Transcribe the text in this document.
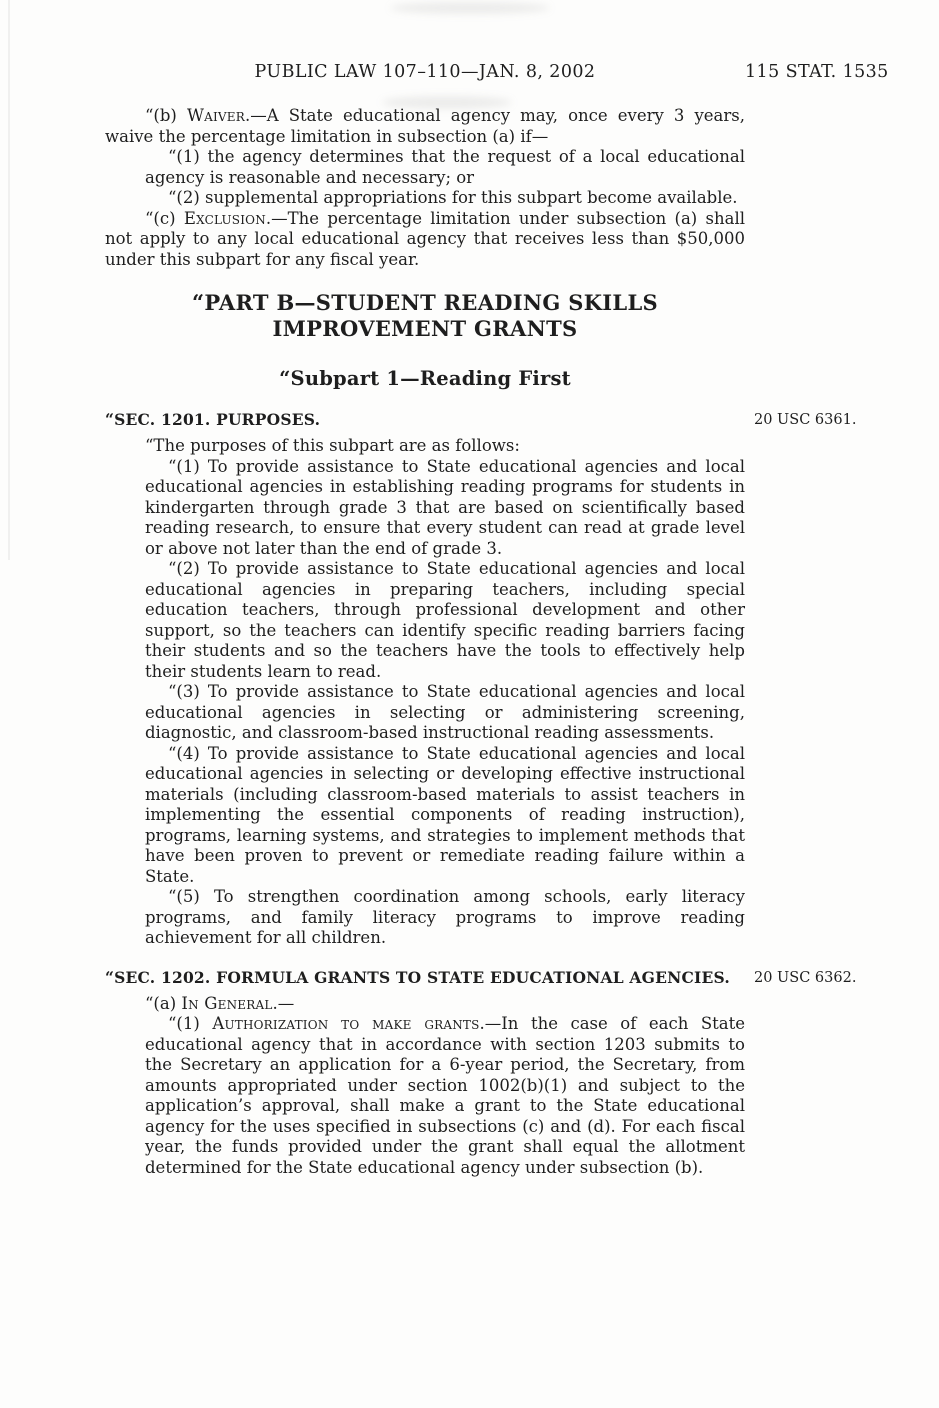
PUBLIC LAW 107–110—JAN. 8, 2002	115 STAT. 1535

“(b) Waiver.—A State educational agency may, once every 3 years, waive the percentage limitation in subsection (a) if—

“(1) the agency determines that the request of a local educational agency is reasonable and necessary; or

“(2) supplemental appropriations for this subpart become available.

“(c) Exclusion.—The percentage limitation under subsection (a) shall not apply to any local educational agency that receives less than $50,000 under this subpart for any fiscal year.

“PART B—STUDENT READING SKILLS
IMPROVEMENT GRANTS
“Subpart 1—Reading First
“SEC. 1201. PURPOSES.	20 USC 6361.

“The purposes of this subpart are as follows:

“(1) To provide assistance to State educational agencies and local educational agencies in establishing reading programs for students in kindergarten through grade 3 that are based on scientifically based reading research, to ensure that every student can read at grade level or above not later than the end of grade 3.

“(2) To provide assistance to State educational agencies and local educational agencies in preparing teachers, including special education teachers, through professional development and other support, so the teachers can identify specific reading barriers facing their students and so the teachers have the tools to effectively help their students learn to read.

“(3) To provide assistance to State educational agencies and local educational agencies in selecting or administering screening, diagnostic, and classroom-based instructional reading assessments.

“(4) To provide assistance to State educational agencies and local educational agencies in selecting or developing effective instructional materials (including classroom-based materials to assist teachers in implementing the essential components of reading instruction), programs, learning systems, and strategies to implement methods that have been proven to prevent or remediate reading failure within a State.

“(5) To strengthen coordination among schools, early literacy programs, and family literacy programs to improve reading achievement for all children.

“SEC. 1202. FORMULA GRANTS TO STATE EDUCATIONAL AGENCIES. 20 USC 6362.

“(a) In General.—

“(1) Authorization to make grants.—In the case of each State educational agency that in accordance with section 1203 submits to the Secretary an application for a 6-year period, the Secretary, from amounts appropriated under section 1002(b)(1) and subject to the application’s approval, shall make a grant to the State educational agency for the uses specified in subsections (c) and (d). For each fiscal year, the funds provided under the grant shall equal the allotment determined for the State educational agency under subsection (b).
